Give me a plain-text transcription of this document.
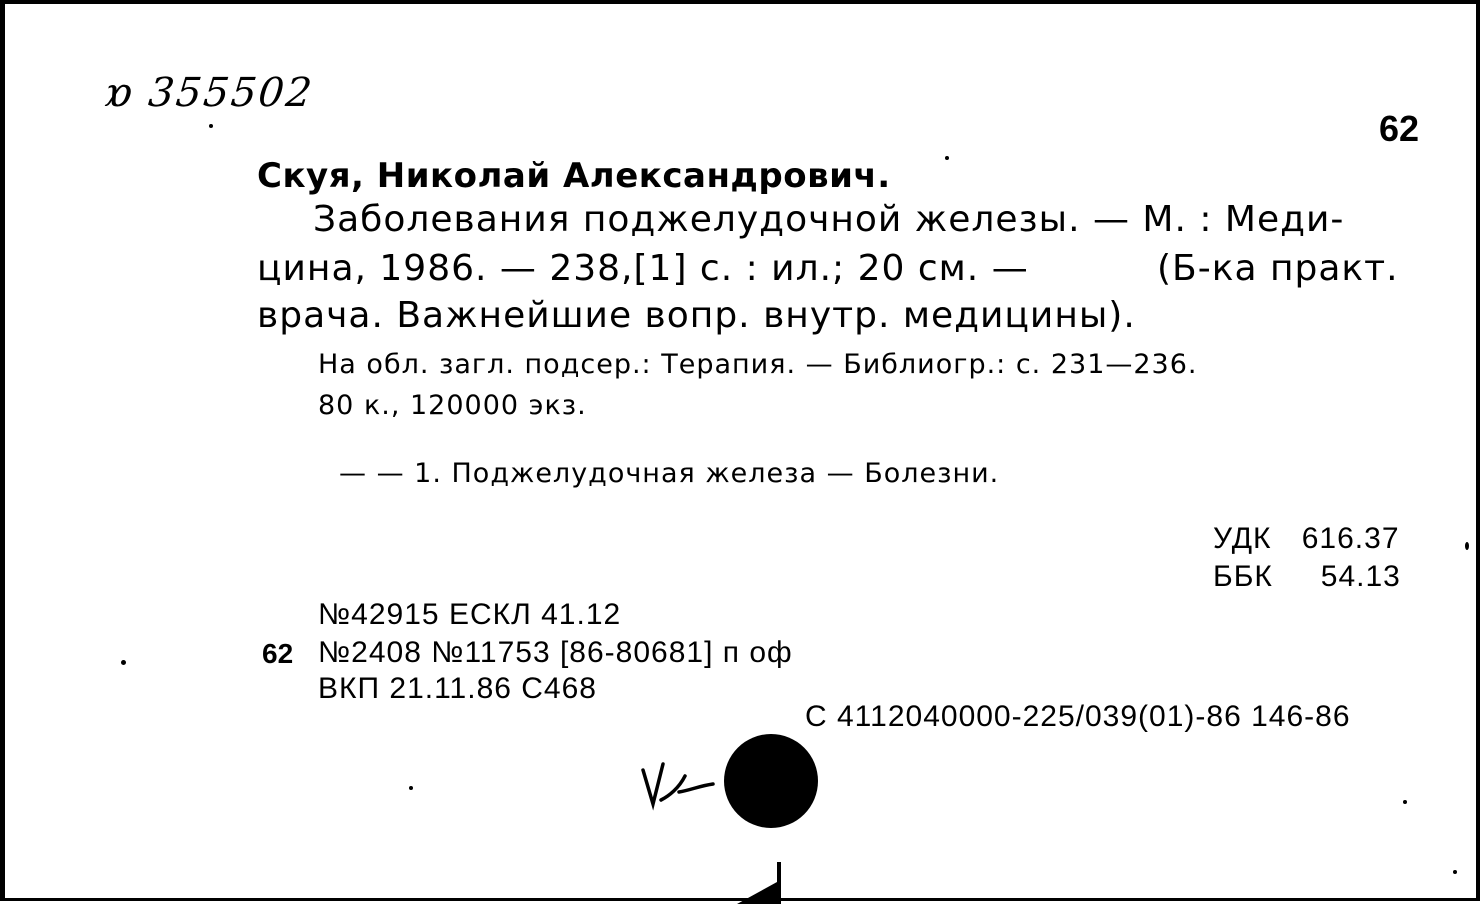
ɒ 355502
62
Скуя, Николай Александрович.
Заболевания поджелудочной железы. — М. : Меди-
цина, 1986. — 238,[1] с. : ил.; 20 см. —	(Б-ка практ.
врача. Важнейшие вопр. внутр. медицины).
На обл. загл. подсер.: Терапия. — Библиогр.: с. 231—236.
80 к., 120000 экз.
— — 1. Поджелудочная железа — Болезни.
УДК 616.37
ББК 54.13
№42915 ЕСКЛ 41.12
62 №2408 №11753 [86-80681] п оф
ВКП 21.11.86 С468
С 4112040000-225/039(01)-86 146-86
